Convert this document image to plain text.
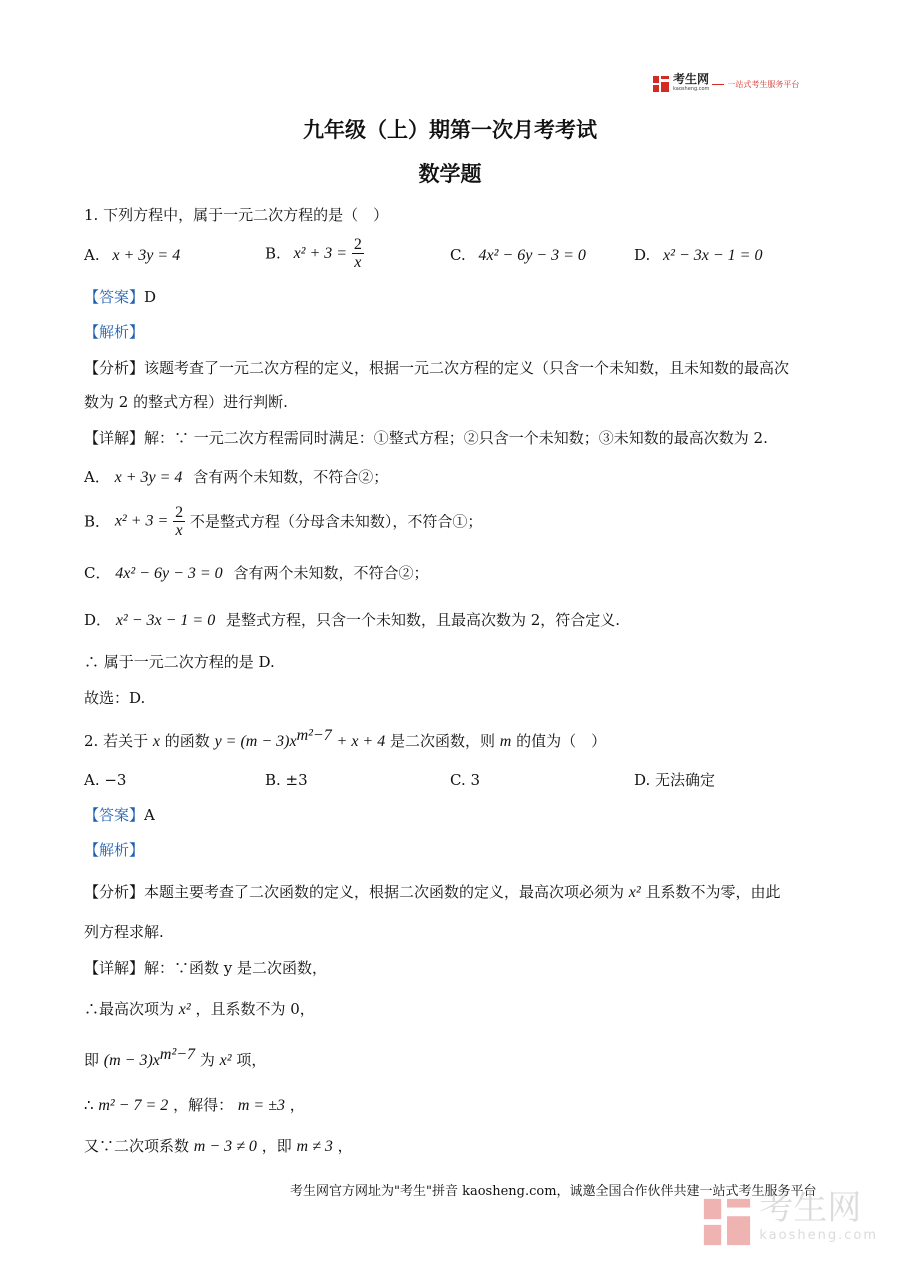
考生网
kaosheng.com
一站式考生服务平台
九年级（上）期第一次月考考试
数学题
1. 下列方程中，属于一元二次方程的是（　）
A. x + 3y = 4	B. $x^2 + 3 = \frac{2}{x}$	C. 4x² − 6y − 3 = 0	D. x² − 3x − 1 = 0
【答案】D
【解析】
【分析】该题考查了一元二次方程的定义，根据一元二次方程的定义（只含一个未知数，且未知数的最高次
数为 2 的整式方程）进行判断.
【详解】解：∵ 一元二次方程需同时满足：①整式方程；②只含一个未知数；③未知数的最高次数为 2.
A． x + 3y = 4 含有两个未知数，不符合②；
B． $x^2 + 3 = \frac{2}{x}$ 不是整式方程（分母含未知数），不符合①；
C． 4x² − 6y − 3 = 0 含有两个未知数，不符合②；
D． x² − 3x − 1 = 0 是整式方程，只含一个未知数，且最高次数为 2，符合定义.
∴ 属于一元二次方程的是 D.
故选：D.
2. 若关于 x 的函数 $y = (m - 3)x^{m^2-7} + x + 4$ 是二次函数，则 m 的值为（　）
A. −3	B. ±3	C. 3	D. 无法确定
【答案】A
【解析】
【分析】本题主要考查了二次函数的定义，根据二次函数的定义，最高次项必须为 x² 且系数不为零，由此
列方程求解.
【详解】解：∵函数 y 是二次函数，
∴最高次项为 x² ，且系数不为 0，
即 $(m - 3)x^{m^2-7}$ 为 x² 项，
∴ m² − 7 = 2 ，解得： m = ±3 ，
又∵二次项系数 m − 3 ≠ 0 ，即 m ≠ 3 ，
考生网官方网址为"考生"拼音 kaosheng.com，诚邀全国合作伙伴共建一站式考生服务平台
考生网
kaosheng.com
